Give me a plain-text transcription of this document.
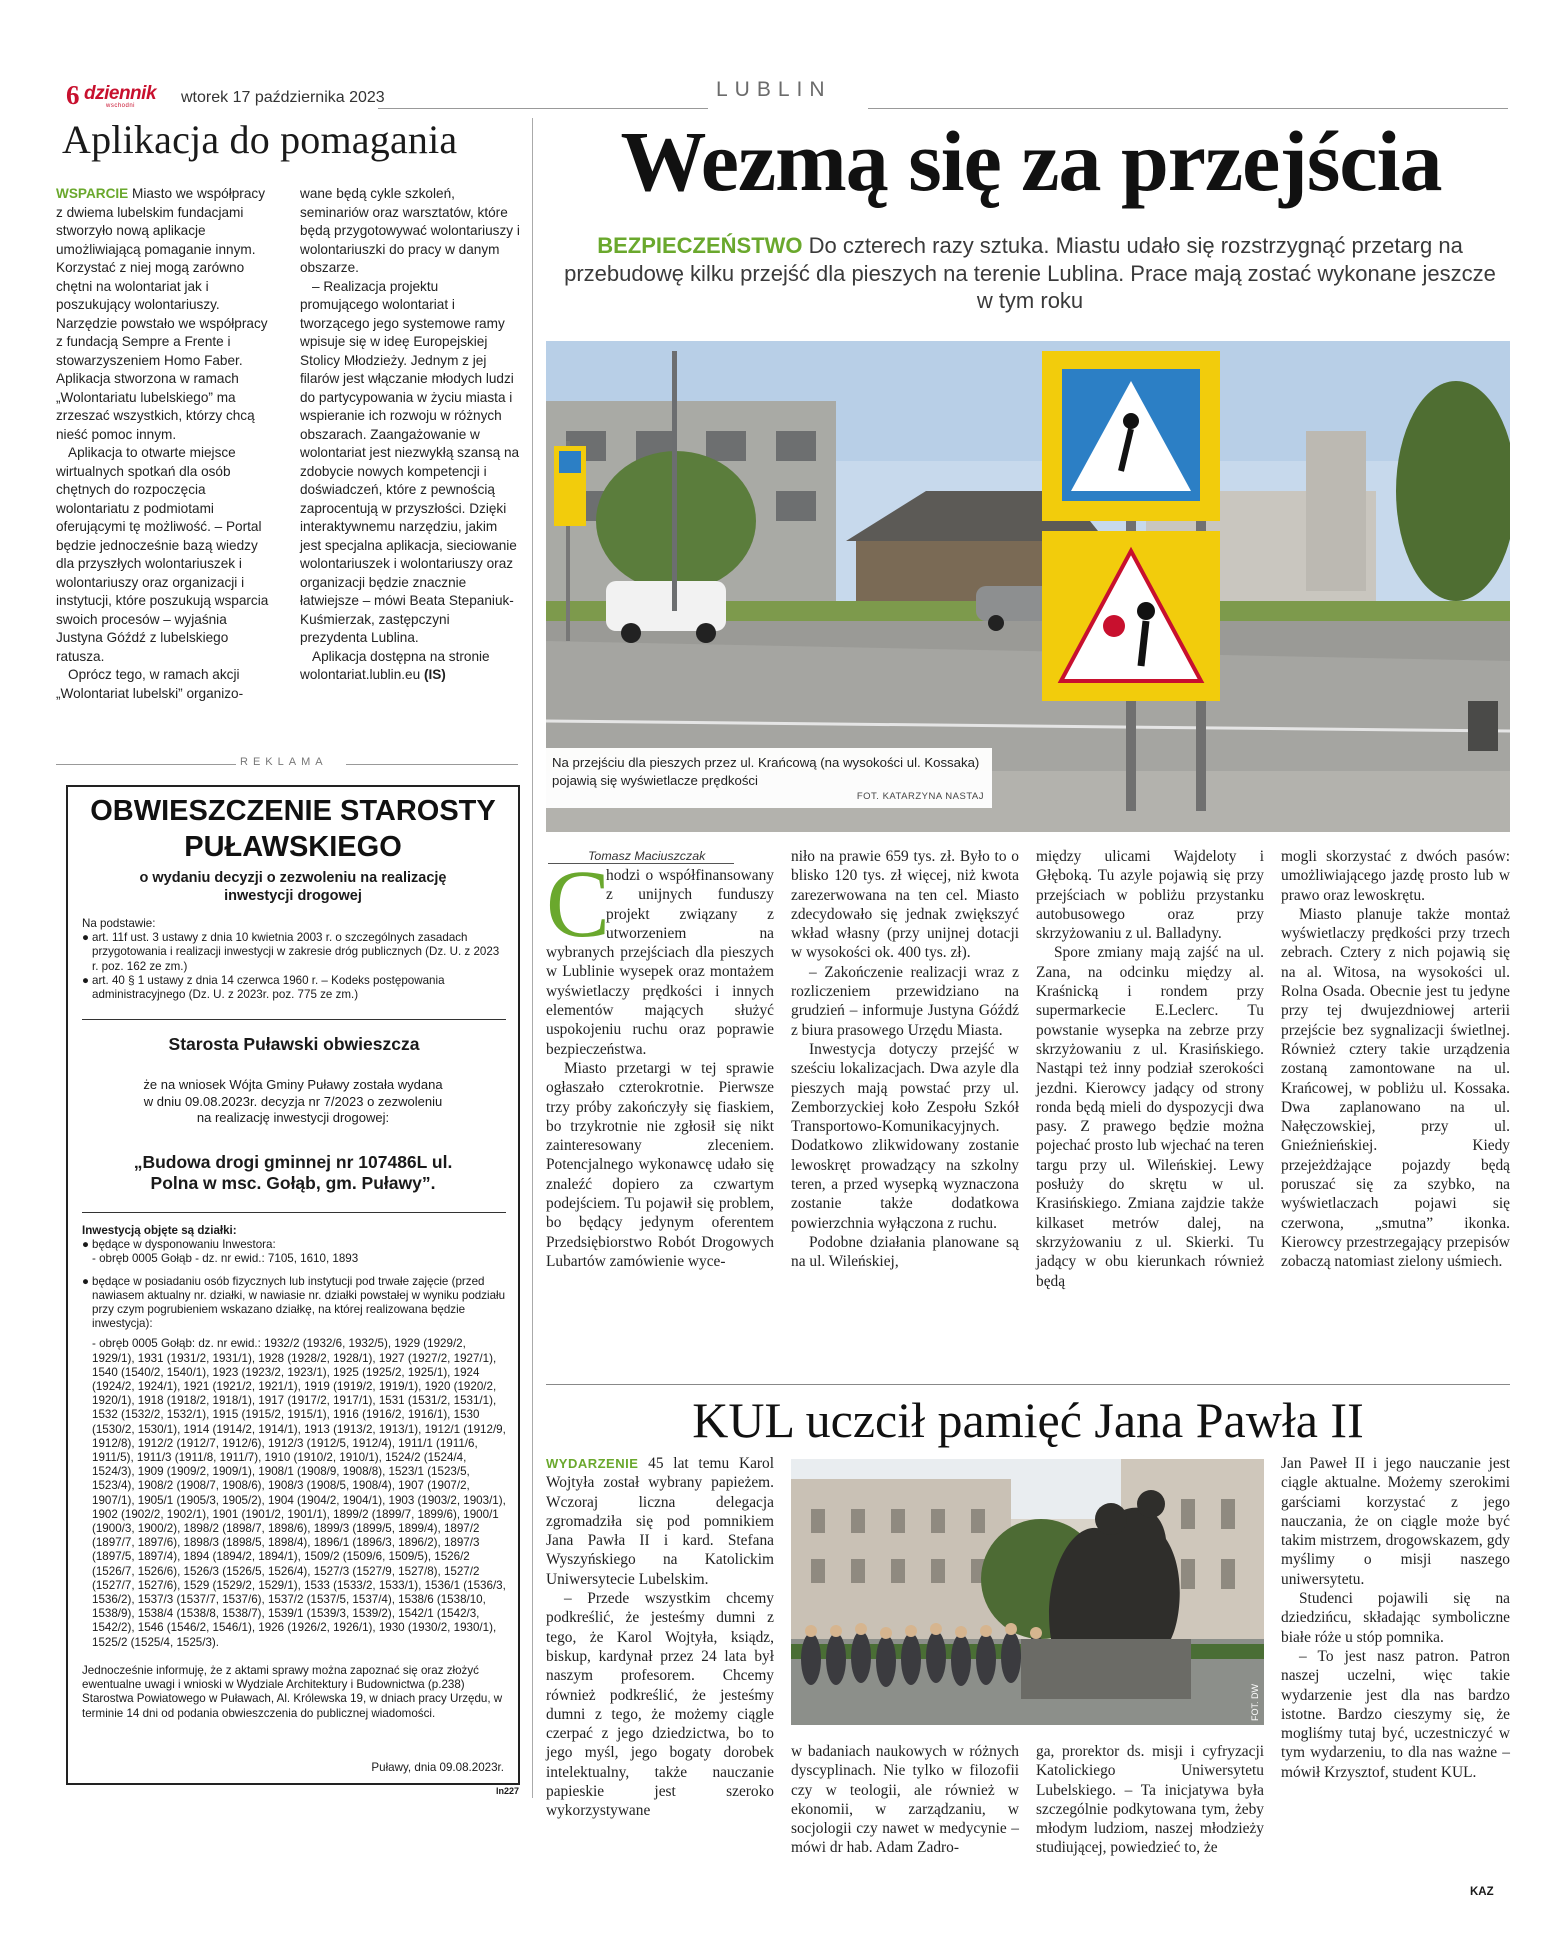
6 dziennik
wschodni	wtorek 17 października 2023	LUBLIN
Aplikacja do pomagania

WSPARCIE Miasto we współpracy z dwiema lubelskim fundacjami stworzyło nową aplikacje umożliwiającą pomaganie innym. Korzystać z niej mogą zarówno chętni na wolontariat jak i poszukujący wolontariuszy. Narzędzie powstało we współpracy z fundacją Sempre a Frente i stowarzyszeniem Homo Faber. Aplikacja stworzona w ramach „Wolontariatu lubelskiego” ma zrzeszać wszystkich, którzy chcą nieść pomoc innym.

Aplikacja to otwarte miejsce wirtualnych spotkań dla osób chętnych do rozpoczęcia wolontariatu z podmiotami oferującymi tę możliwość. – Portal będzie jednocześnie bazą wiedzy dla przyszłych wolontariuszek i wolontariuszy oraz organizacji i instytucji, które poszukują wsparcia swoich procesów – wyjaśnia Justyna Góźdź z lubelskiego ratusza.

Oprócz tego, w ramach akcji „Wolontariat lubelski” organizo-

wane będą cykle szkoleń, seminariów oraz warsztatów, które będą przygotowywać wolontariuszy i wolontariuszki do pracy w danym obszarze.

– Realizacja projektu promującego wolontariat i tworzącego jego systemowe ramy wpisuje się w ideę Europejskiej Stolicy Młodzieży. Jednym z jej filarów jest włączanie młodych ludzi do partycypowania w życiu miasta i wspieranie ich rozwoju w różnych obszarach. Zaangażowanie w wolontariat jest niezwykłą szansą na zdobycie nowych kompetencji i doświadczeń, które z pewnością zaprocentują w przyszłości. Dzięki interaktywnemu narzędziu, jakim jest specjalna aplikacja, sieciowanie wolontariuszek i wolontariuszy oraz organizacji będzie znacznie łatwiejsze – mówi Beata Stepaniuk-Kuśmierzak, zastępczyni prezydenta Lublina.

Aplikacja dostępna na stronie wolontariat.lublin.eu (IS)

REKLAMA
OBWIESZCZENIE STAROSTY PUŁAWSKIEGO
o wydaniu decyzji o zezwoleniu na realizację inwestycji drogowej
Na podstawie:
● art. 11f ust. 3 ustawy z dnia 10 kwietnia 2003 r. o szczególnych zasadach przygotowania i realizacji inwestycji w zakresie dróg publicznych (Dz. U. z 2023 r. poz. 162 ze zm.)
● art. 40 § 1 ustawy z dnia 14 czerwca 1960 r. – Kodeks postępowania administracyjnego (Dz. U. z 2023r. poz. 775 ze zm.)
Starosta Puławski obwieszcza
że na wniosek Wójta Gminy Puławy została wydana w dniu 09.08.2023r. decyzja nr 7/2023 o zezwoleniu na realizację inwestycji drogowej:
„Budowa drogi gminnej nr 107486L ul. Polna w msc. Gołąb, gm. Puławy”.
Inwestycją objęte są działki:
● będące w dysponowaniu Inwestora:
- obręb 0005 Gołąb - dz. nr ewid.: 7105, 1610, 1893
● będące w posiadaniu osób fizycznych lub instytucji pod trwałe zajęcie (przed nawiasem aktualny nr. działki, w nawiasie nr. działki powstałej w wyniku podziału przy czym pogrubieniem wskazano działkę, na której realizowana będzie inwestycja):
- obręb 0005 Gołąb: dz. nr ewid.: 1932/2 (1932/6, 1932/5), 1929 (1929/2, 1929/1), 1931 (1931/2, 1931/1), 1928 (1928/2, 1928/1), 1927 (1927/2, 1927/1), 1540 (1540/2, 1540/1), 1923 (1923/2, 1923/1), 1925 (1925/2, 1925/1), 1924 (1924/2, 1924/1), 1921 (1921/2, 1921/1), 1919 (1919/2, 1919/1), 1920 (1920/2, 1920/1), 1918 (1918/2, 1918/1), 1917 (1917/2, 1917/1), 1531 (1531/2, 1531/1), 1532 (1532/2, 1532/1), 1915 (1915/2, 1915/1), 1916 (1916/2, 1916/1), 1530 (1530/2, 1530/1), 1914 (1914/2, 1914/1), 1913 (1913/2, 1913/1), 1912/1 (1912/9, 1912/8), 1912/2 (1912/7, 1912/6), 1912/3 (1912/5, 1912/4), 1911/1 (1911/6, 1911/5), 1911/3 (1911/8, 1911/7), 1910 (1910/2, 1910/1), 1524/2 (1524/4, 1524/3), 1909 (1909/2, 1909/1), 1908/1 (1908/9, 1908/8), 1523/1 (1523/5, 1523/4), 1908/2 (1908/7, 1908/6), 1908/3 (1908/5, 1908/4), 1907 (1907/2, 1907/1), 1905/1 (1905/3, 1905/2), 1904 (1904/2, 1904/1), 1903 (1903/2, 1903/1), 1902 (1902/2, 1902/1), 1901 (1901/2, 1901/1), 1899/2 (1899/7, 1899/6), 1900/1 (1900/3, 1900/2), 1898/2 (1898/7, 1898/6), 1899/3 (1899/5, 1899/4), 1897/2 (1897/7, 1897/6), 1898/3 (1898/5, 1898/4), 1896/1 (1896/3, 1896/2), 1897/3 (1897/5, 1897/4), 1894 (1894/2, 1894/1), 1509/2 (1509/6, 1509/5), 1526/2 (1526/7, 1526/6), 1526/3 (1526/5, 1526/4), 1527/3 (1527/9, 1527/8), 1527/2 (1527/7, 1527/6), 1529 (1529/2, 1529/1), 1533 (1533/2, 1533/1), 1536/1 (1536/3, 1536/2), 1537/3 (1537/7, 1537/6), 1537/2 (1537/5, 1537/4), 1538/6 (1538/10, 1538/9), 1538/4 (1538/8, 1538/7), 1539/1 (1539/3, 1539/2), 1542/1 (1542/3, 1542/2), 1546 (1546/2, 1546/1), 1926 (1926/2, 1926/1), 1930 (1930/2, 1930/1), 1525/2 (1525/4, 1525/3).
Jednocześnie informuję, że z aktami sprawy można zapoznać się oraz złożyć ewentualne uwagi i wnioski w Wydziale Architektury i Budownictwa (p.238) Starostwa Powiatowego w Puławach, Al. Królewska 19, w dniach pracy Urzędu, w terminie 14 dni od podania obwieszczenia do publicznej wiadomości.
Puławy, dnia 09.08.2023r.
ln227
Wezmą się za przejścia
BEZPIECZEŃSTWO Do czterech razy sztuka. Miastu udało się rozstrzygnąć przetarg na przebudowę kilku przejść dla pieszych na terenie Lublina. Prace mają zostać wykonane jeszcze w tym roku
Na przejściu dla pieszych przez ul. Krańcową (na wysokości ul. Kossaka) pojawią się wyświetlacze prędkości
FOT. KATARZYNA NASTAJ
Tomasz Maciuszczak
C

hodzi o współfinansowany z unijnych funduszy projekt związany z utworzeniem na wybranych przejściach dla pieszych w Lublinie wysepek oraz montażem wyświetlaczy prędkości i innych elementów mających służyć uspokojeniu ruchu oraz poprawie bezpieczeństwa.

Miasto przetargi w tej sprawie ogłaszało czterokrotnie. Pierwsze trzy próby zakończyły się fiaskiem, bo trzykrotnie nie zgłosił się nikt zainteresowany zleceniem. Potencjalnego wykonawcę udało się znaleźć dopiero za czwartym podejściem. Tu pojawił się problem, bo będący jedynym oferentem Przedsiębiorstwo Robót Drogowych Lubartów zamówienie wyce-

niło na prawie 659 tys. zł. Było to o blisko 120 tys. zł więcej, niż kwota zarezerwowana na ten cel. Miasto zdecydowało się jednak zwiększyć wkład własny (przy unijnej dotacji w wysokości ok. 400 tys. zł).

– Zakończenie realizacji wraz z rozliczeniem przewidziano na grudzień – informuje Justyna Góźdź z biura prasowego Urzędu Miasta.

Inwestycja dotyczy przejść w sześciu lokalizacjach. Dwa azyle dla pieszych mają powstać przy ul. Zemborzyckiej koło Zespołu Szkół Transportowo-Komunikacyjnych. Dodatkowo zlikwidowany zostanie lewoskręt prowadzący na szkolny teren, a przed wysepką wyznaczona zostanie także dodatkowa powierzchnia wyłączona z ruchu.

Podobne działania planowane są na ul. Wileńskiej,

między ulicami Wajdeloty i Głęboką. Tu azyle pojawią się przy przejściach w pobliżu przystanku autobusowego oraz przy skrzyżowaniu z ul. Balladyny.

Spore zmiany mają zajść na ul. Zana, na odcinku między al. Kraśnicką i rondem przy supermarkecie E.Leclerc. Tu powstanie wysepka na zebrze przy skrzyżowaniu z ul. Krasińskiego. Nastąpi też inny podział szerokości jezdni. Kierowcy jadący od strony ronda będą mieli do dyspozycji dwa pasy. Z prawego będzie można pojechać prosto lub wjechać na teren targu przy ul. Wileńskiej. Lewy posłuży do skrętu w ul. Krasińskiego. Zmiana zajdzie także kilkaset metrów dalej, na skrzyżowaniu z ul. Skierki. Tu jadący w obu kierunkach również będą

mogli skorzystać z dwóch pasów: umożliwiającego jazdę prosto lub w prawo oraz lewoskrętu.

Miasto planuje także montaż wyświetlaczy prędkości przy trzech zebrach. Cztery z nich pojawią się na al. Witosa, na wysokości ul. Rolna Osada. Obecnie jest tu jedyne przy tej dwujezdniowej arterii przejście bez sygnalizacji świetlnej. Również cztery takie urządzenia zostaną zamontowane na ul. Krańcowej, w pobliżu ul. Kossaka. Dwa zaplanowano na ul. Nałęczowskiej, przy ul. Gnieźnieńskiej. Kiedy przejeżdżające pojazdy będą poruszać się za szybko, na wyświetlaczach pojawi się czerwona, „smutna” ikonka. Kierowcy przestrzegający przepisów zobaczą natomiast zielony uśmiech.

KUL uczcił pamięć Jana Pawła II

WYDARZENIE 45 lat temu Karol Wojtyła został wybrany papieżem. Wczoraj liczna delegacja zgromadziła się pod pomnikiem Jana Pawła II i kard. Stefana Wyszyńskiego na Katolickim Uniwersytecie Lubelskim.

– Przede wszystkim chcemy podkreślić, że jesteśmy dumni z tego, że Karol Wojtyła, ksiądz, biskup, kardynał przez 24 lata był naszym profesorem. Chcemy również podkreślić, że jesteśmy dumni z tego, że możemy ciągle czerpać z jego dziedzictwa, bo to jego myśl, jego bogaty dorobek intelektualny, także nauczanie papieskie jest szeroko wykorzystywane

FOT. DW

w badaniach naukowych w różnych dyscyplinach. Nie tylko w filozofii czy w teologii, ale również w ekonomii, w zarządzaniu, w socjologii czy nawet w medycynie – mówi dr hab. Adam Zadro-

ga, prorektor ds. misji i cyfryzacji Katolickiego Uniwersytetu Lubelskiego. – Ta inicjatywa była szczególnie podkytowana tym, żeby młodym ludziom, naszej młodzieży studiującej, powiedzieć to, że

Jan Paweł II i jego nauczanie jest ciągle aktualne. Możemy szerokimi garściami korzystać z jego nauczania, że on ciągle może być takim mistrzem, drogowskazem, gdy myślimy o misji naszego uniwersytetu.

Studenci pojawili się na dziedzińcu, składając symboliczne białe róże u stóp pomnika.

– To jest nasz patron. Patron naszej uczelni, więc takie wydarzenie jest dla nas bardzo istotne. Bardzo cieszymy się, że mogliśmy tutaj być, uczestniczyć w tym wydarzeniu, to dla nas ważne – mówił Krzysztof, student KUL.

KAZ
